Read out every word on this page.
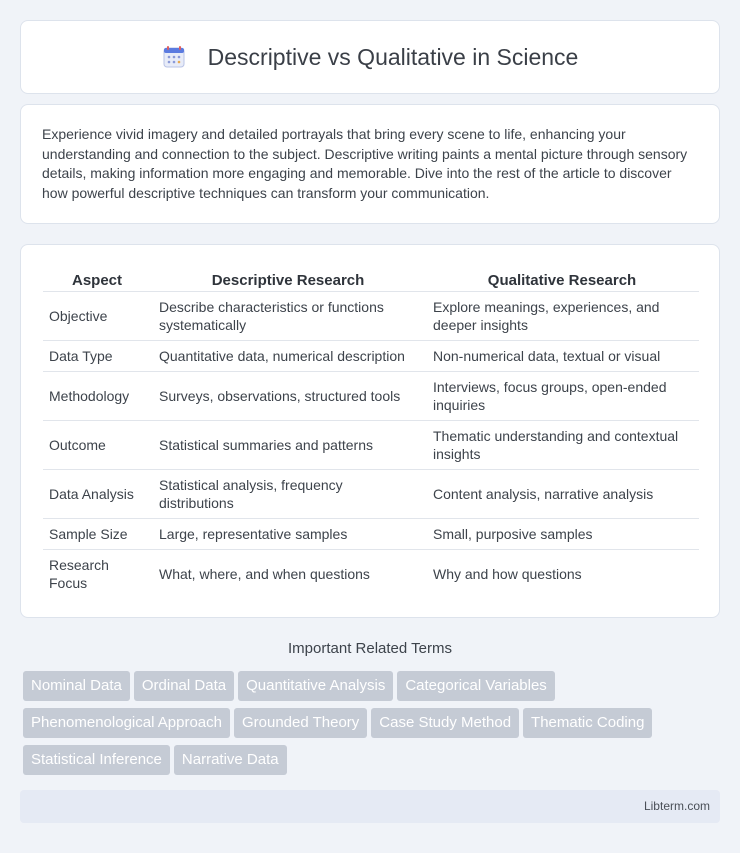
Descriptive vs Qualitative in Science

Experience vivid imagery and detailed portrayals that bring every scene to life, enhancing your understanding and connection to the subject. Descriptive writing paints a mental picture through sensory details, making information more engaging and memorable. Dive into the rest of the article to discover how powerful descriptive techniques can transform your communication.

Aspect	Descriptive Research	Qualitative Research
Objective	Describe characteristics or functions systematically	Explore meanings, experiences, and deeper insights
Data Type	Quantitative data, numerical description	Non-numerical data, textual or visual
Methodology	Surveys, observations, structured tools	Interviews, focus groups, open-ended inquiries
Outcome	Statistical summaries and patterns	Thematic understanding and contextual insights
Data Analysis	Statistical analysis, frequency distributions	Content analysis, narrative analysis
Sample Size	Large, representative samples	Small, purposive samples
Research Focus	What, where, and when questions	Why and how questions
Important Related Terms
Nominal Data Ordinal Data Quantitative Analysis Categorical Variables
Phenomenological Approach Grounded Theory Case Study Method Thematic Coding
Statistical Inference Narrative Data
Libterm.com
